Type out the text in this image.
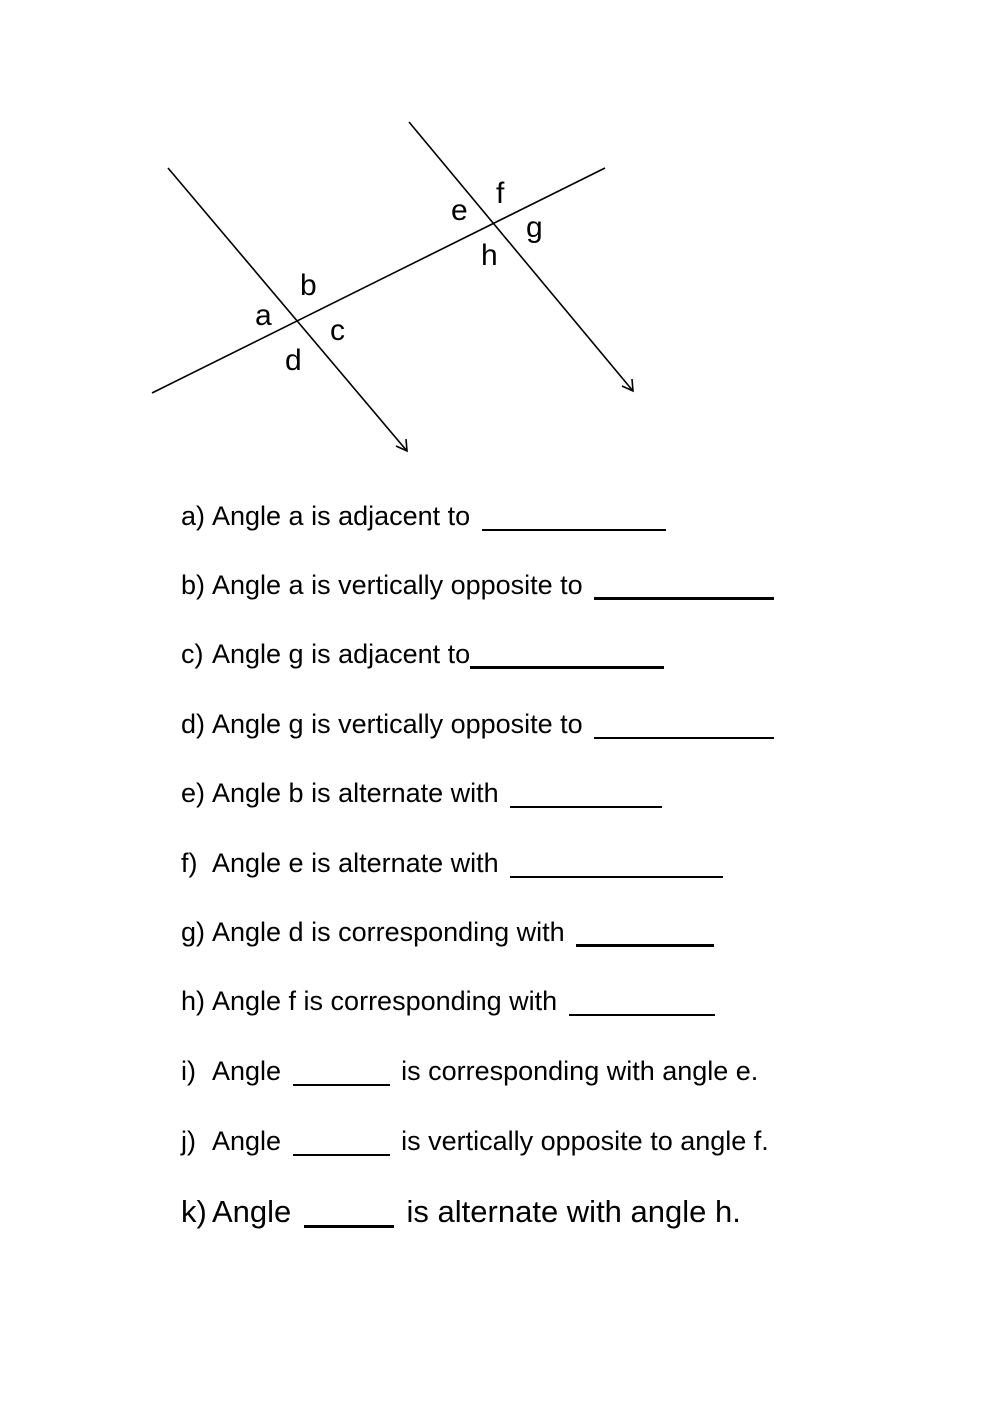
a
b
c
d
e
f
g
h
a) Angle a is adjacent to
b) Angle a is vertically opposite to
c) Angle g is adjacent to
d) Angle g is vertically opposite to
e) Angle b is alternate with
f) Angle e is alternate with
g) Angle d is corresponding with
h) Angle f is corresponding with
i) Angle	is corresponding with angle e.
j) Angle	is vertically opposite to angle f.
k) Angle	is alternate with angle h.
